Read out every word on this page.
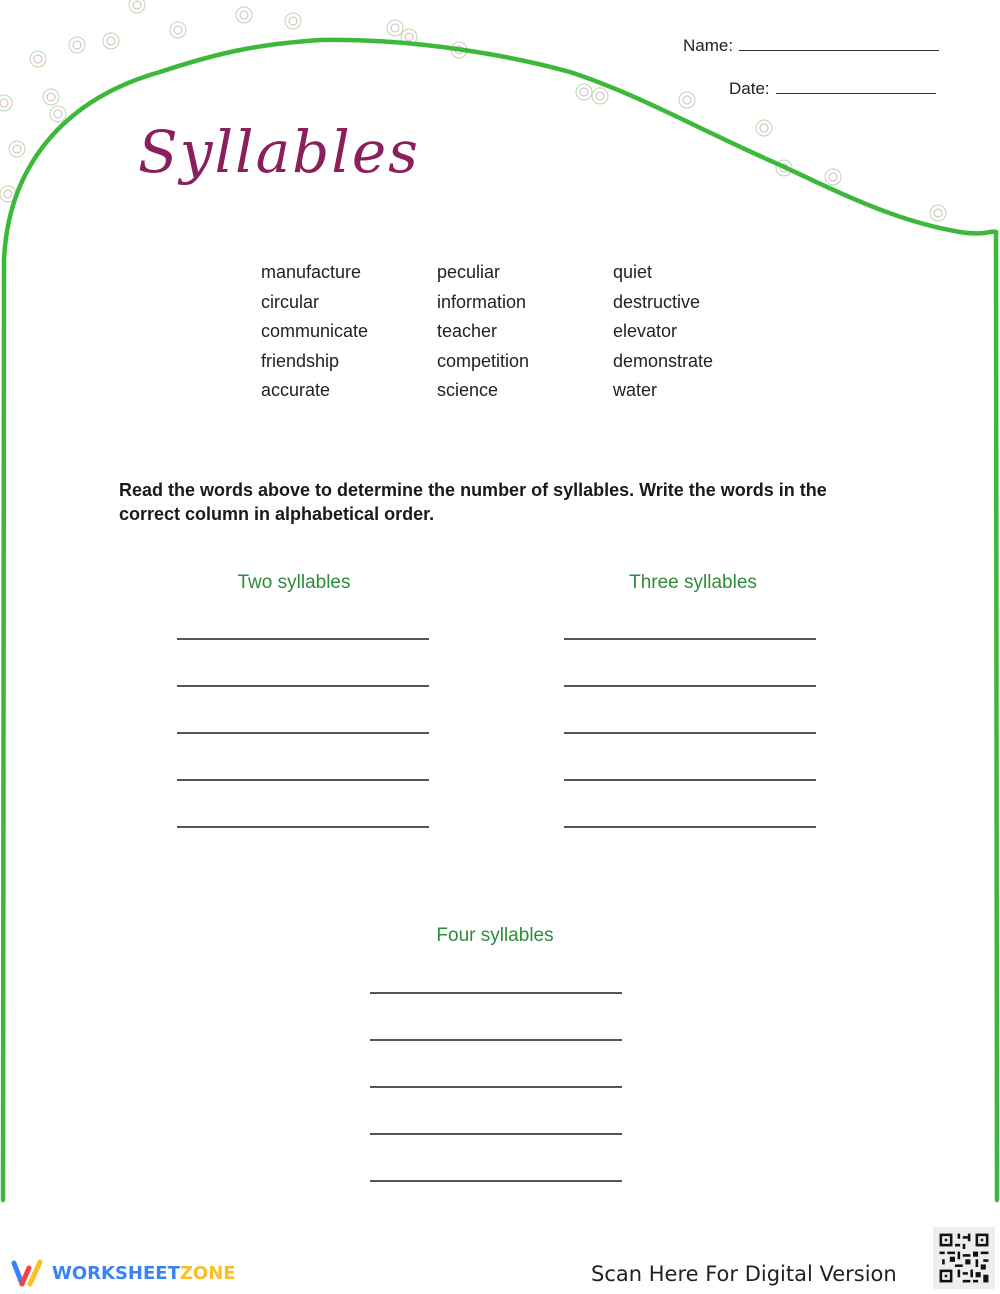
Name:
Date:
Syllables
manufacture
circular
communicate
friendship
accurate
peculiar
information
teacher
competition
science
quiet
destructive
elevator
demonstrate
water

Read the words above to determine the number of syllables. Write the words in the correct column in alphabetical order.

Two syllables	Three syllables
Four syllables
WORKSHEETZONE	Scan Here For Digital Version
